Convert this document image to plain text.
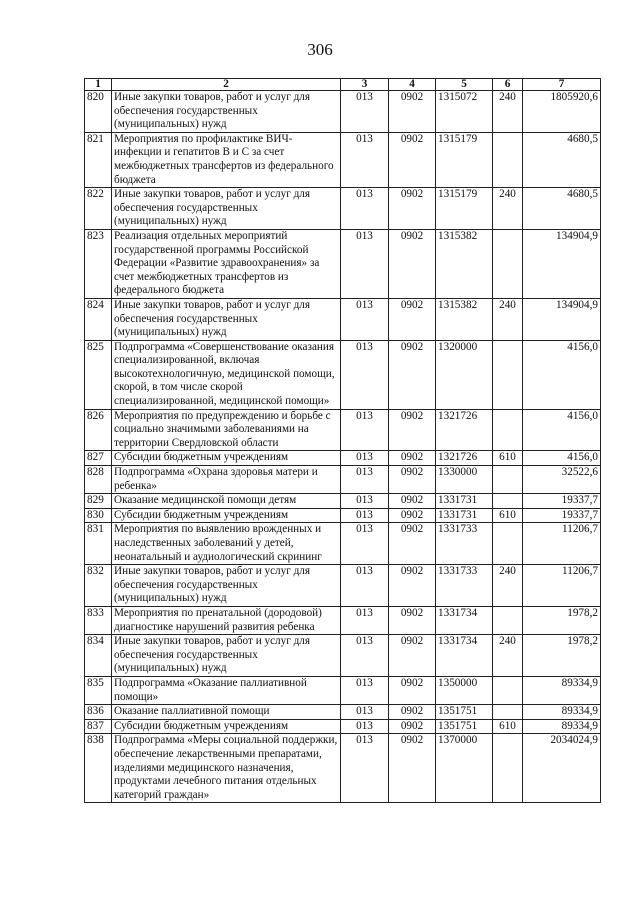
306
1	2	3	4	5	6	7
820	Иные закупки товаров, работ и услуг для обеспечения государственных (муниципальных) нужд	013	0902	1315072	240	1805920,6
821	Мероприятия по профилактике ВИЧ-инфекции и гепатитов В и С за счет межбюджетных трансфертов из федерального бюджета	013	0902	1315179		4680,5
822	Иные закупки товаров, работ и услуг для обеспечения государственных (муниципальных) нужд	013	0902	1315179	240	4680,5
823	Реализация отдельных мероприятий государственной программы Российской Федерации «Развитие здравоохранения» за счет межбюджетных трансфертов из федерального бюджета	013	0902	1315382		134904,9
824	Иные закупки товаров, работ и услуг для обеспечения государственных (муниципальных) нужд	013	0902	1315382	240	134904,9
825	Подпрограмма «Совершенствование оказания специализированной, включая высокотехнологичную, медицинской помощи, скорой, в том числе скорой специализированной, медицинской помощи»	013	0902	1320000		4156,0
826	Мероприятия по предупреждению и борьбе с социально значимыми заболеваниями на территории Свердловской области	013	0902	1321726		4156,0
827	Субсидии бюджетным учреждениям	013	0902	1321726	610	4156,0
828	Подпрограмма «Охрана здоровья матери и ребенка»	013	0902	1330000		32522,6
829	Оказание медицинской помощи детям	013	0902	1331731		19337,7
830	Субсидии бюджетным учреждениям	013	0902	1331731	610	19337,7
831	Мероприятия по выявлению врожденных и наследственных заболеваний у детей, неонатальный и аудиологический скрининг	013	0902	1331733		11206,7
832	Иные закупки товаров, работ и услуг для обеспечения государственных (муниципальных) нужд	013	0902	1331733	240	11206,7
833	Мероприятия по пренатальной (дородовой) диагностике нарушений развития ребенка	013	0902	1331734		1978,2
834	Иные закупки товаров, работ и услуг для обеспечения государственных (муниципальных) нужд	013	0902	1331734	240	1978,2
835	Подпрограмма «Оказание паллиативной помощи»	013	0902	1350000		89334,9
836	Оказание паллиативной помощи	013	0902	1351751		89334,9
837	Субсидии бюджетным учреждениям	013	0902	1351751	610	89334,9
838	Подпрограмма «Меры социальной поддержки, обеспечение лекарственными препаратами, изделиями медицинского назначения, продуктами лечебного питания отдельных категорий граждан»	013	0902	1370000		2034024,9
